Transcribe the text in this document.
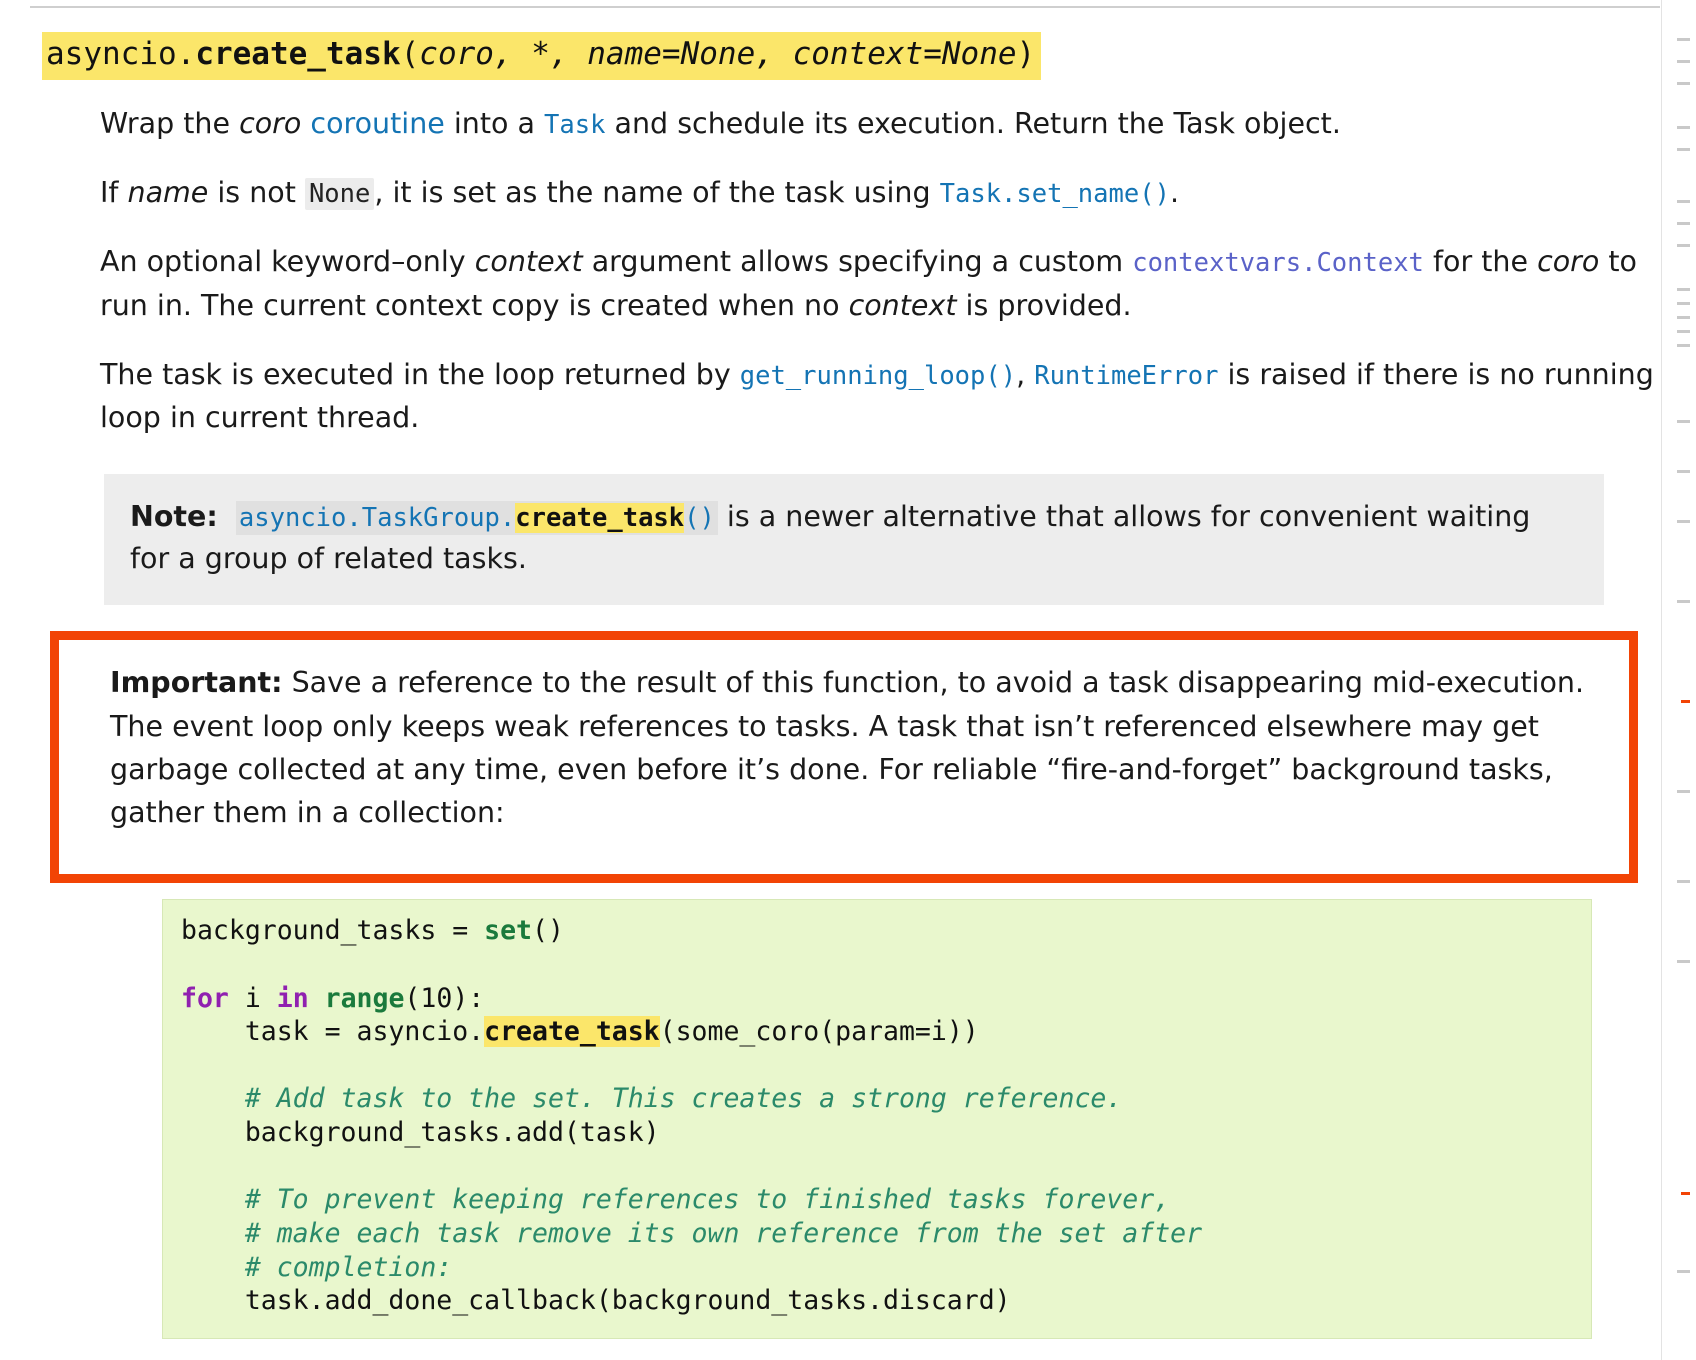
asyncio.create_task(coro, *, name=None, context=None)

Wrap the coro coroutine into a Task and schedule its execution. Return the Task object.

If name is not None , it is set as the name of the task using Task.set_name().

An optional keyword–only context argument allows specifying a custom contextvars.Context for the coro to run in. The current context copy is created when no context is provided.

The task is executed in the loop returned by get_running_loop(), RuntimeError is raised if there is no running loop in current thread.

Note: asyncio.TaskGroup.create_task() is a newer alternative that allows for convenient waiting for a group of related tasks.
Important: Save a reference to the result of this function, to avoid a task disappearing mid-execution. The event loop only keeps weak references to tasks. A task that isn’t referenced elsewhere may get garbage collected at any time, even before it’s done. For reliable “fire-and-forget” background tasks, gather them in a collection:
background_tasks = set()

for i in range(10):
task = asyncio.create_task(some_coro(param=i))

# Add task to the set. This creates a strong reference.
background_tasks.add(task)

# To prevent keeping references to finished tasks forever,
# make each task remove its own reference from the set after
# completion:
task.add_done_callback(background_tasks.discard)
